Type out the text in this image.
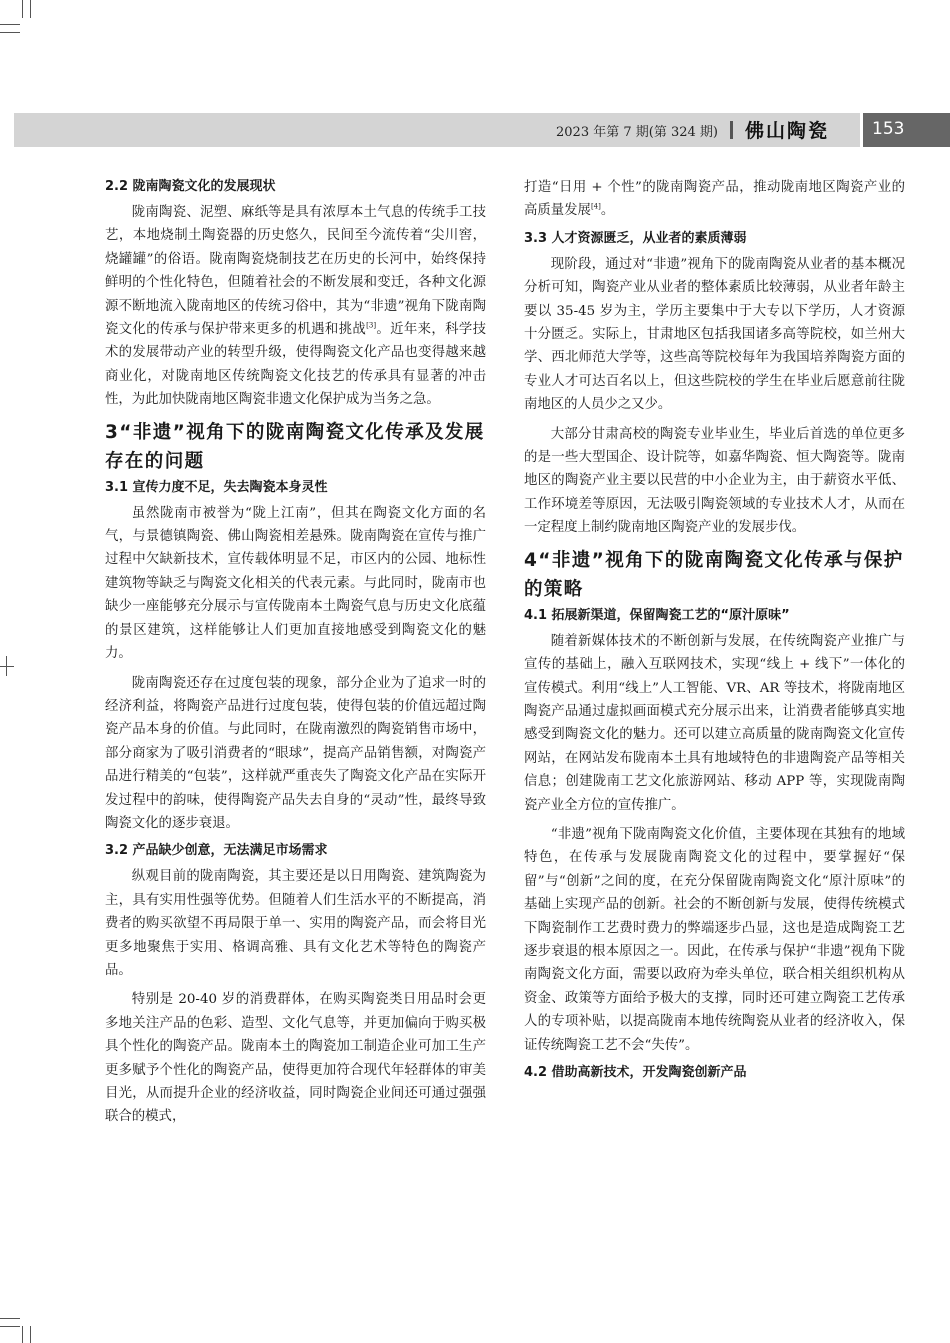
2023 年第 7 期(第 324 期) 佛山陶瓷	153
2.2 陇南陶瓷文化的发展现状

陇南陶瓷、泥塑、麻纸等是具有浓厚本土气息的传统手工技艺，本地烧制土陶瓷器的历史悠久，民间至今流传着“尖川窖，烧罐罐”的俗语。陇南陶瓷烧制技艺在历史的长河中，始终保持鲜明的个性化特色，但随着社会的不断发展和变迁，各种文化源源不断地流入陇南地区的传统习俗中，其为“非遗”视角下陇南陶瓷文化的传承与保护带来更多的机遇和挑战[3]。近年来，科学技术的发展带动产业的转型升级，使得陶瓷文化产品也变得越来越商业化，对陇南地区传统陶瓷文化技艺的传承具有显著的冲击性，为此加快陇南地区陶瓷非遗文化保护成为当务之急。

3“非遗”视角下的陇南陶瓷文化传承及发展存在的问题
3.1 宣传力度不足，失去陶瓷本身灵性

虽然陇南市被誉为“陇上江南”，但其在陶瓷文化方面的名气，与景德镇陶瓷、佛山陶瓷相差悬殊。陇南陶瓷在宣传与推广过程中欠缺新技术，宣传载体明显不足，市区内的公园、地标性建筑物等缺乏与陶瓷文化相关的代表元素。与此同时，陇南市也缺少一座能够充分展示与宣传陇南本土陶瓷气息与历史文化底蕴的景区建筑，这样能够让人们更加直接地感受到陶瓷文化的魅力。

陇南陶瓷还存在过度包装的现象，部分企业为了追求一时的经济利益，将陶瓷产品进行过度包装，使得包装的价值远超过陶瓷产品本身的价值。与此同时，在陇南激烈的陶瓷销售市场中，部分商家为了吸引消费者的“眼球”，提高产品销售额，对陶瓷产品进行精美的“包装”，这样就严重丧失了陶瓷文化产品在实际开发过程中的韵味，使得陶瓷产品失去自身的“灵动”性，最终导致陶瓷文化的逐步衰退。

3.2 产品缺少创意，无法满足市场需求

纵观目前的陇南陶瓷，其主要还是以日用陶瓷、建筑陶瓷为主，具有实用性强等优势。但随着人们生活水平的不断提高，消费者的购买欲望不再局限于单一、实用的陶瓷产品，而会将目光更多地聚焦于实用、格调高雅、具有文化艺术等特色的陶瓷产品。

特别是 20-40 岁的消费群体，在购买陶瓷类日用品时会更多地关注产品的色彩、造型、文化气息等，并更加偏向于购买极具个性化的陶瓷产品。陇南本土的陶瓷加工制造企业可加工生产更多赋予个性化的陶瓷产品，使得更加符合现代年轻群体的审美目光，从而提升企业的经济收益，同时陶瓷企业间还可通过强强联合的模式，

打造“日用 + 个性”的陇南陶瓷产品，推动陇南地区陶瓷产业的高质量发展[4]。

3.3 人才资源匮乏，从业者的素质薄弱

现阶段，通过对“非遗”视角下的陇南陶瓷从业者的基本概况分析可知，陶瓷产业从业者的整体素质比较薄弱，从业者年龄主要以 35-45 岁为主，学历主要集中于大专以下学历，人才资源十分匮乏。实际上，甘肃地区包括我国诸多高等院校，如兰州大学、西北师范大学等，这些高等院校每年为我国培养陶瓷方面的专业人才可达百名以上，但这些院校的学生在毕业后愿意前往陇南地区的人员少之又少。

大部分甘肃高校的陶瓷专业毕业生，毕业后首选的单位更多的是一些大型国企、设计院等，如嘉华陶瓷、恒大陶瓷等。陇南地区的陶瓷产业主要以民营的中小企业为主，由于薪资水平低、工作环境差等原因，无法吸引陶瓷领域的专业技术人才，从而在一定程度上制约陇南地区陶瓷产业的发展步伐。

4“非遗”视角下的陇南陶瓷文化传承与保护的策略
4.1 拓展新渠道，保留陶瓷工艺的“原汁原味”

随着新媒体技术的不断创新与发展，在传统陶瓷产业推广与宣传的基础上，融入互联网技术，实现“线上 + 线下”一体化的宣传模式。利用“线上”人工智能、VR、AR 等技术，将陇南地区陶瓷产品通过虚拟画面模式充分展示出来，让消费者能够真实地感受到陶瓷文化的魅力。还可以建立高质量的陇南陶瓷文化宣传网站，在网站发布陇南本土具有地域特色的非遗陶瓷产品等相关信息；创建陇南工艺文化旅游网站、移动 APP 等，实现陇南陶瓷产业全方位的宣传推广。

“非遗”视角下陇南陶瓷文化价值，主要体现在其独有的地域特色，在传承与发展陇南陶瓷文化的过程中，要掌握好“保留”与“创新”之间的度，在充分保留陇南陶瓷文化“原汁原味”的基础上实现产品的创新。社会的不断创新与发展，使得传统模式下陶瓷制作工艺费时费力的弊端逐步凸显，这也是造成陶瓷工艺逐步衰退的根本原因之一。因此，在传承与保护“非遗”视角下陇南陶瓷文化方面，需要以政府为牵头单位，联合相关组织机构从资金、政策等方面给予极大的支撑，同时还可建立陶瓷工艺传承人的专项补贴，以提高陇南本地传统陶瓷从业者的经济收入，保证传统陶瓷工艺不会“失传”。

4.2 借助高新技术，开发陶瓷创新产品
